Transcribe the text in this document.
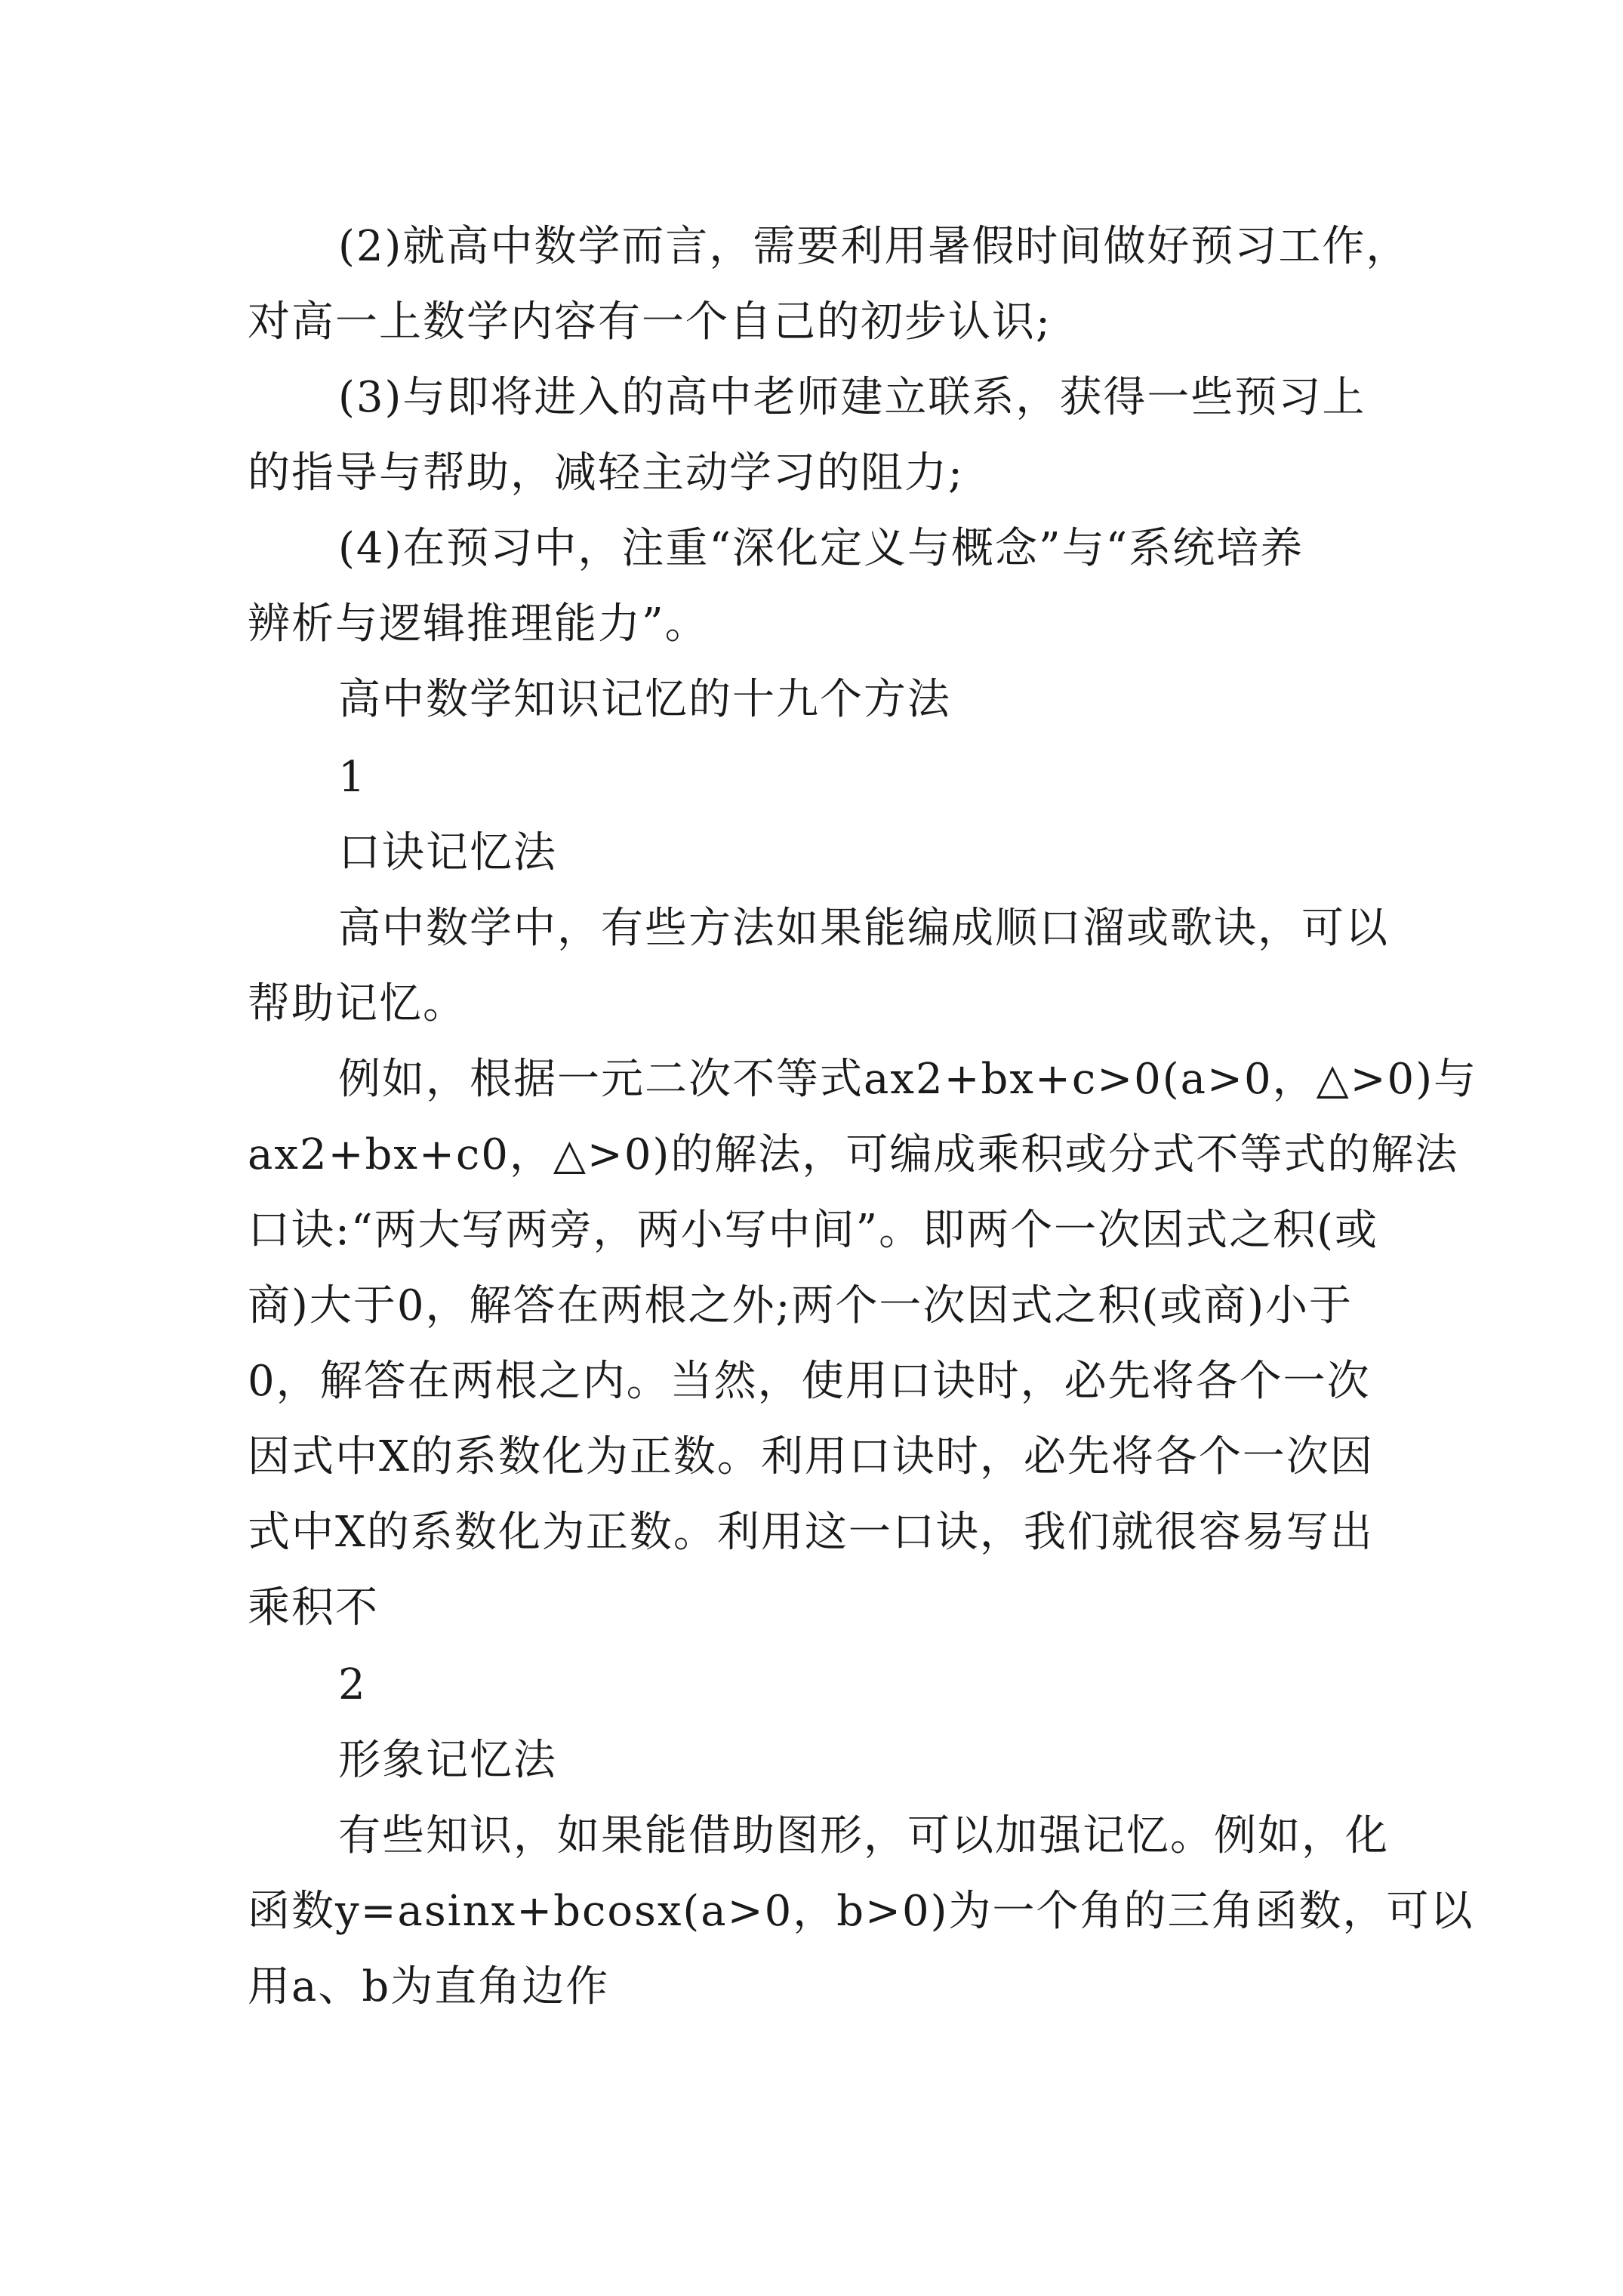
(2)就高中数学而言，需要利用暑假时间做好预习工作，
对高一上数学内容有一个自己的初步认识;
(3)与即将进入的高中老师建立联系，获得一些预习上
的指导与帮助，减轻主动学习的阻力;
(4)在预习中，注重“深化定义与概念”与“系统培养
辨析与逻辑推理能力”。
高中数学知识记忆的十九个方法
1
口诀记忆法
高中数学中，有些方法如果能编成顺口溜或歌诀，可以
帮助记忆。
例如，根据一元二次不等式ax2+bx+c>0(a>0，△>0)与
ax2+bx+c0，△>0)的解法，可编成乘积或分式不等式的解法
口诀:“两大写两旁，两小写中间”。即两个一次因式之积(或
商)大于0，解答在两根之外;两个一次因式之积(或商)小于
0，解答在两根之内。当然，使用口诀时，必先将各个一次
因式中X的系数化为正数。利用口诀时，必先将各个一次因
式中X的系数化为正数。利用这一口诀，我们就很容易写出
乘积不
2
形象记忆法
有些知识，如果能借助图形，可以加强记忆。例如，化
函数y=asinx+bcosx(a>0，b>0)为一个角的三角函数，可以
用a、b为直角边作
